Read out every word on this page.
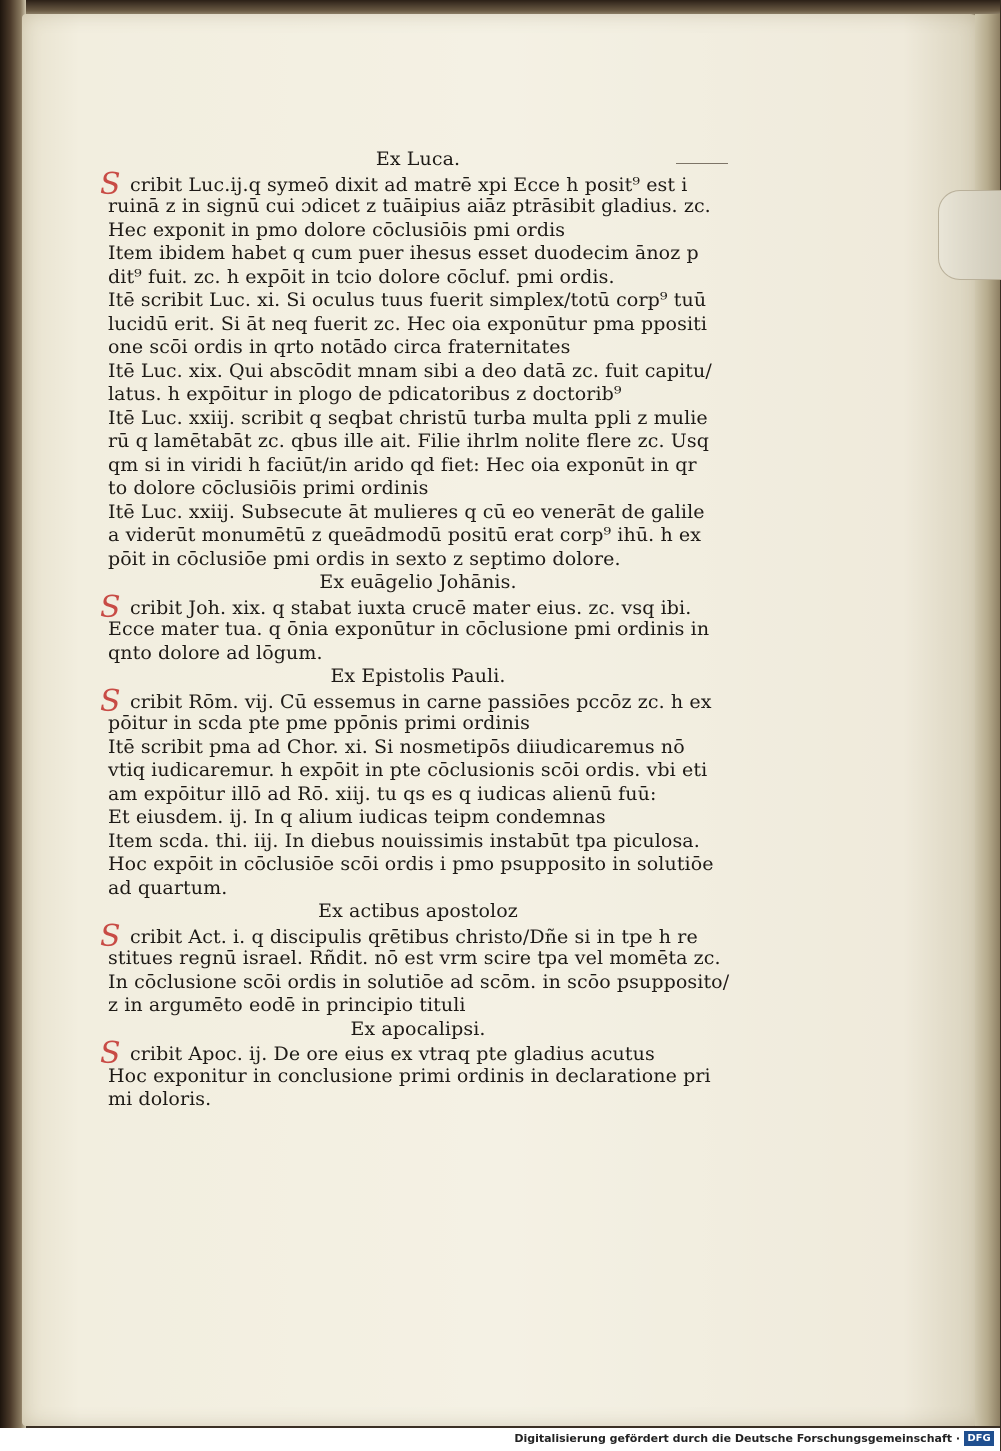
Ex Luca.
Scribit Luc.ij.q symeō dixit ad matrē xpi Ecce h posit⁹ est i
ruinā z in signū cui ɔdicet z tuāipius aiāz ptrāsibit gladius. zc.
Hec exponit in pmo dolore cōclusiōis pmi ordis
Item ibidem habet q cum puer ihesus esset duodecim ānoz p
dit⁹ fuit. zc. h expōit in tcio dolore cōcluf. pmi ordis.
Itē scribit Luc. xi. Si oculus tuus fuerit simplex/totū corp⁹ tuū
lucidū erit. Si āt neq fuerit zc. Hec oia exponūtur pma ppositi
one scōi ordis in qrto notādo circa fraternitates
Itē Luc. xix. Qui abscōdit mnam sibi a deo datā zc. fuit capitu/
latus. h expōitur in plogo de pdicatoribus z doctorib⁹
Itē Luc. xxiij. scribit q seqbat christū turba multa ppli z mulie
rū q lamētabāt zc. qbus ille ait. Filie ihrlm nolite flere zc. Usq
qm si in viridi h faciūt/in arido qd fiet: Hec oia exponūt in qr
to dolore cōclusiōis primi ordinis
Itē Luc. xxiij. Subsecute āt mulieres q cū eo venerāt de galile
a viderūt monumētū z queādmodū positū erat corp⁹ ihū. h ex
pōit in cōclusiōe pmi ordis in sexto z septimo dolore.
Ex euāgelio Johānis.
Scribit Joh. xix. q stabat iuxta crucē mater eius. zc. vsq ibi.
Ecce mater tua. q ōnia exponūtur in cōclusione pmi ordinis in
qnto dolore ad lōgum.
Ex Epistolis Pauli.
Scribit Rōm. vij. Cū essemus in carne passiōes pccōz zc. h ex
pōitur in scda pte pme ppōnis primi ordinis
Itē scribit pma ad Chor. xi. Si nosmetipōs diiudicaremus nō
vtiq iudicaremur. h expōit in pte cōclusionis scōi ordis. vbi eti
am expōitur illō ad Rō. xiij. tu qs es q iudicas alienū fuū:
Et eiusdem. ij. In q alium iudicas teipm condemnas
Item scda. thi. iij. In diebus nouissimis instabūt tpa piculosa.
Hoc expōit in cōclusiōe scōi ordis i pmo psupposito in solutiōe
ad quartum.
Ex actibus apostoloz
Scribit Act. i. q discipulis qrētibus christo/Dñe si in tpe h re
stitues regnū israel. Rñdit. nō est vrm scire tpa vel momēta zc.
In cōclusione scōi ordis in solutiōe ad scōm. in scōo psupposito/
z in argumēto eodē in principio tituli
Ex apocalipsi.
Scribit Apoc. ij. De ore eius ex vtraq pte gladius acutus
Hoc exponitur in conclusione primi ordinis in declaratione pri
mi doloris.
Digitalisierung gefördert durch die Deutsche Forschungsgemeinschaft · DFG
